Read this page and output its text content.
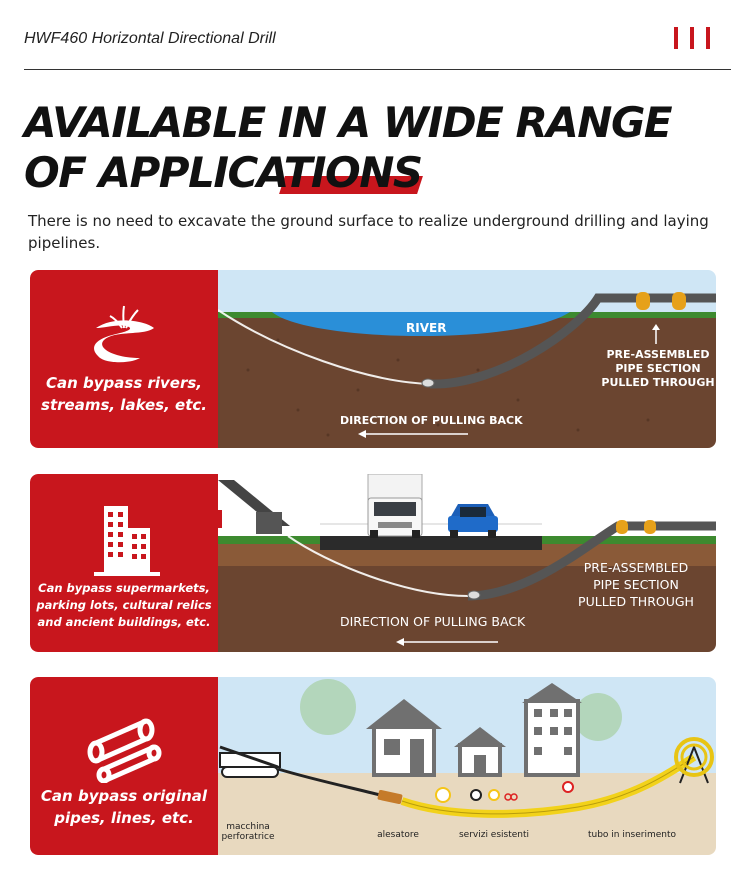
HWF460 Horizontal Directional Drill
AVAILABLE IN A WIDE RANGE
OF APPLICATIONS
There is no need to excavate the ground surface to realize underground drilling and laying pipelines.
Can bypass rivers,
streams, lakes, etc.
RIVER
PRE-ASSEMBLED
PIPE SECTION
PULLED THROUGH
DIRECTION OF PULLING BACK
Can bypass supermarkets,
parking lots, cultural relics
and ancient buildings, etc.
PRE-ASSEMBLED
PIPE SECTION
PULLED THROUGH
DIRECTION OF PULLING BACK
Can bypass original
pipes, lines, etc.	macchina
perforatrice	alesatore	servizi esistenti	tubo in inserimento
